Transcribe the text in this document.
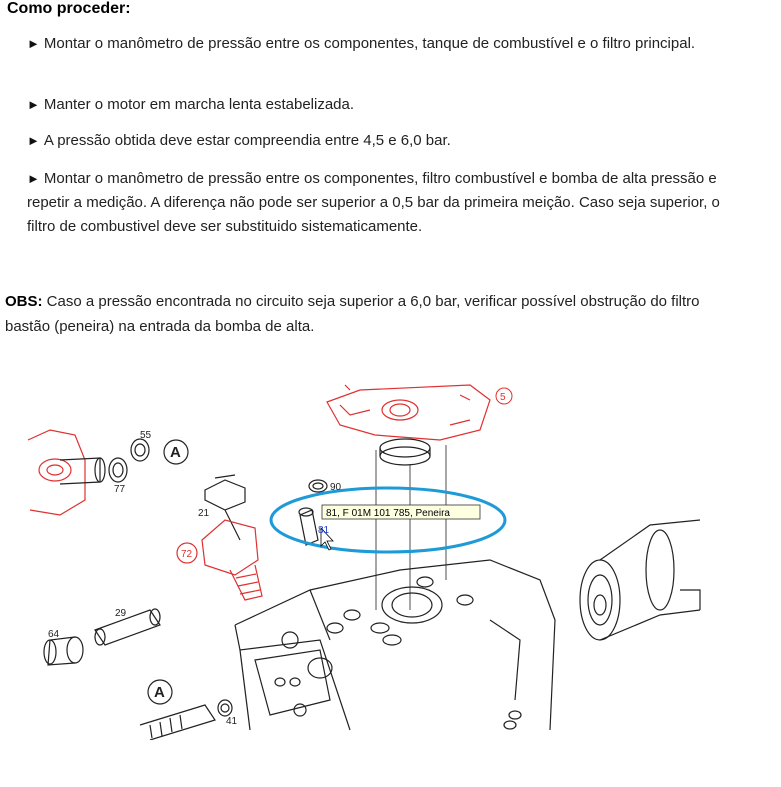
Como proceder:
► Montar o manômetro de pressão entre os componentes, tanque de combustível e o filtro principal.
► Manter o motor em marcha lenta estabelizada.
► A pressão obtida deve estar compreendia entre 4,5 e 6,0 bar.
► Montar o manômetro de pressão entre os componentes, filtro combustível e bomba de alta pressão e repetir a medição. A diferença não pode ser superior a 0,5 bar da primeira meição. Caso seja superior, o filtro de combustivel deve ser substituido sistematicamente.
OBS: Caso a pressão encontrada no circuito seja superior a 6,0 bar, verificar possível obstrução do filtro bastão (peneira) na entrada da bomba de alta.
81, F 01M 101 785, Peneira
55
77
A
21
72
29
64
A
41
90
81
5
